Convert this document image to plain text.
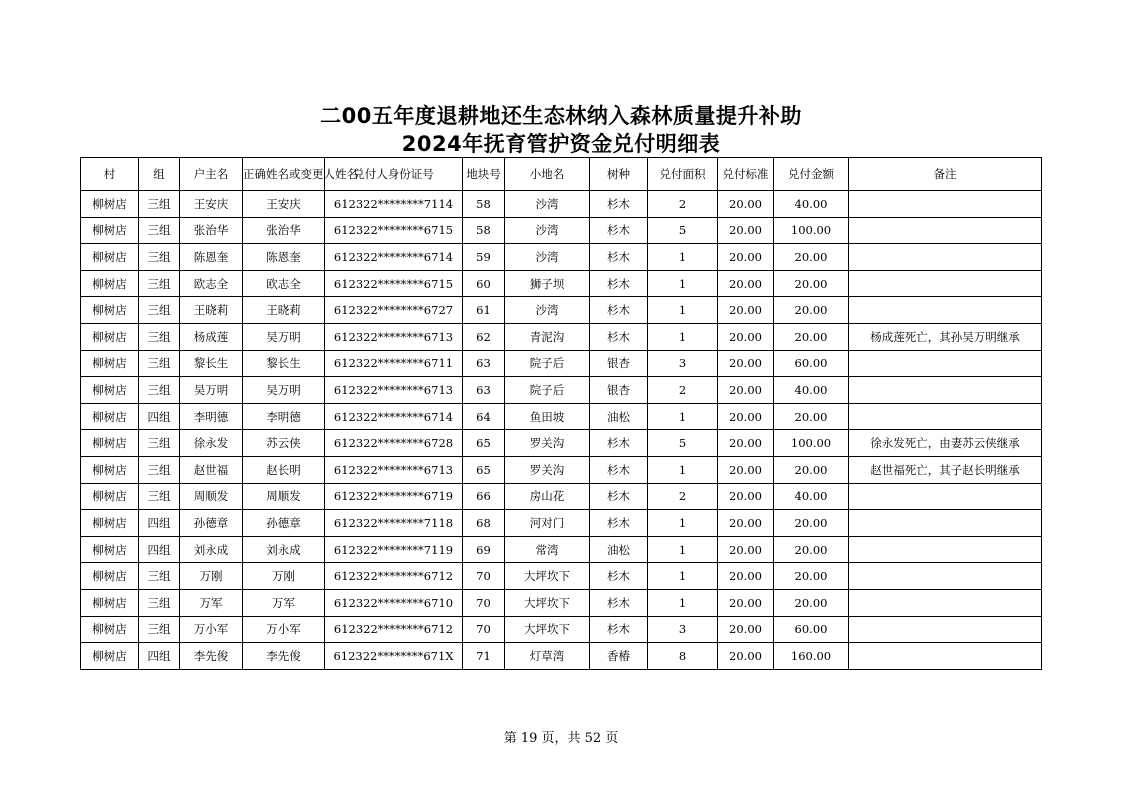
二00五年度退耕地还生态林纳入森林质量提升补助
2024年抚育管护资金兑付明细表
村	组	户主名	正确姓名或变更人姓名	兑付人身份证号	地块号	小地名	树种	兑付面积	兑付标准	兑付金额	备注
柳树店	三组	王安庆	王安庆	612322********7114	58	沙湾	杉木	2	20.00	40.00	
柳树店	三组	张治华	张治华	612322********6715	58	沙湾	杉木	5	20.00	100.00	
柳树店	三组	陈恩奎	陈恩奎	612322********6714	59	沙湾	杉木	1	20.00	20.00	
柳树店	三组	欧志全	欧志全	612322********6715	60	狮子坝	杉木	1	20.00	20.00	
柳树店	三组	王晓莉	王晓莉	612322********6727	61	沙湾	杉木	1	20.00	20.00	
柳树店	三组	杨成莲	吴万明	612322********6713	62	青泥沟	杉木	1	20.00	20.00	杨成莲死亡，其孙吴万明继承
柳树店	三组	黎长生	黎长生	612322********6711	63	院子后	银杏	3	20.00	60.00	
柳树店	三组	吴万明	吴万明	612322********6713	63	院子后	银杏	2	20.00	40.00	
柳树店	四组	李明德	李明德	612322********6714	64	鱼田坡	油松	1	20.00	20.00	
柳树店	三组	徐永发	苏云侠	612322********6728	65	罗关沟	杉木	5	20.00	100.00	徐永发死亡，由妻苏云侠继承
柳树店	三组	赵世福	赵长明	612322********6713	65	罗关沟	杉木	1	20.00	20.00	赵世福死亡，其子赵长明继承
柳树店	三组	周顺发	周顺发	612322********6719	66	房山花	杉木	2	20.00	40.00	
柳树店	四组	孙德章	孙德章	612322********7118	68	河对门	杉木	1	20.00	20.00	
柳树店	四组	刘永成	刘永成	612322********7119	69	常湾	油松	1	20.00	20.00	
柳树店	三组	万刚	万刚	612322********6712	70	大坪坎下	杉木	1	20.00	20.00	
柳树店	三组	万军	万军	612322********6710	70	大坪坎下	杉木	1	20.00	20.00	
柳树店	三组	万小军	万小军	612322********6712	70	大坪坎下	杉木	3	20.00	60.00	
柳树店	四组	李先俊	李先俊	612322********671X	71	灯草湾	香椿	8	20.00	160.00	
第 19 页，共 52 页
